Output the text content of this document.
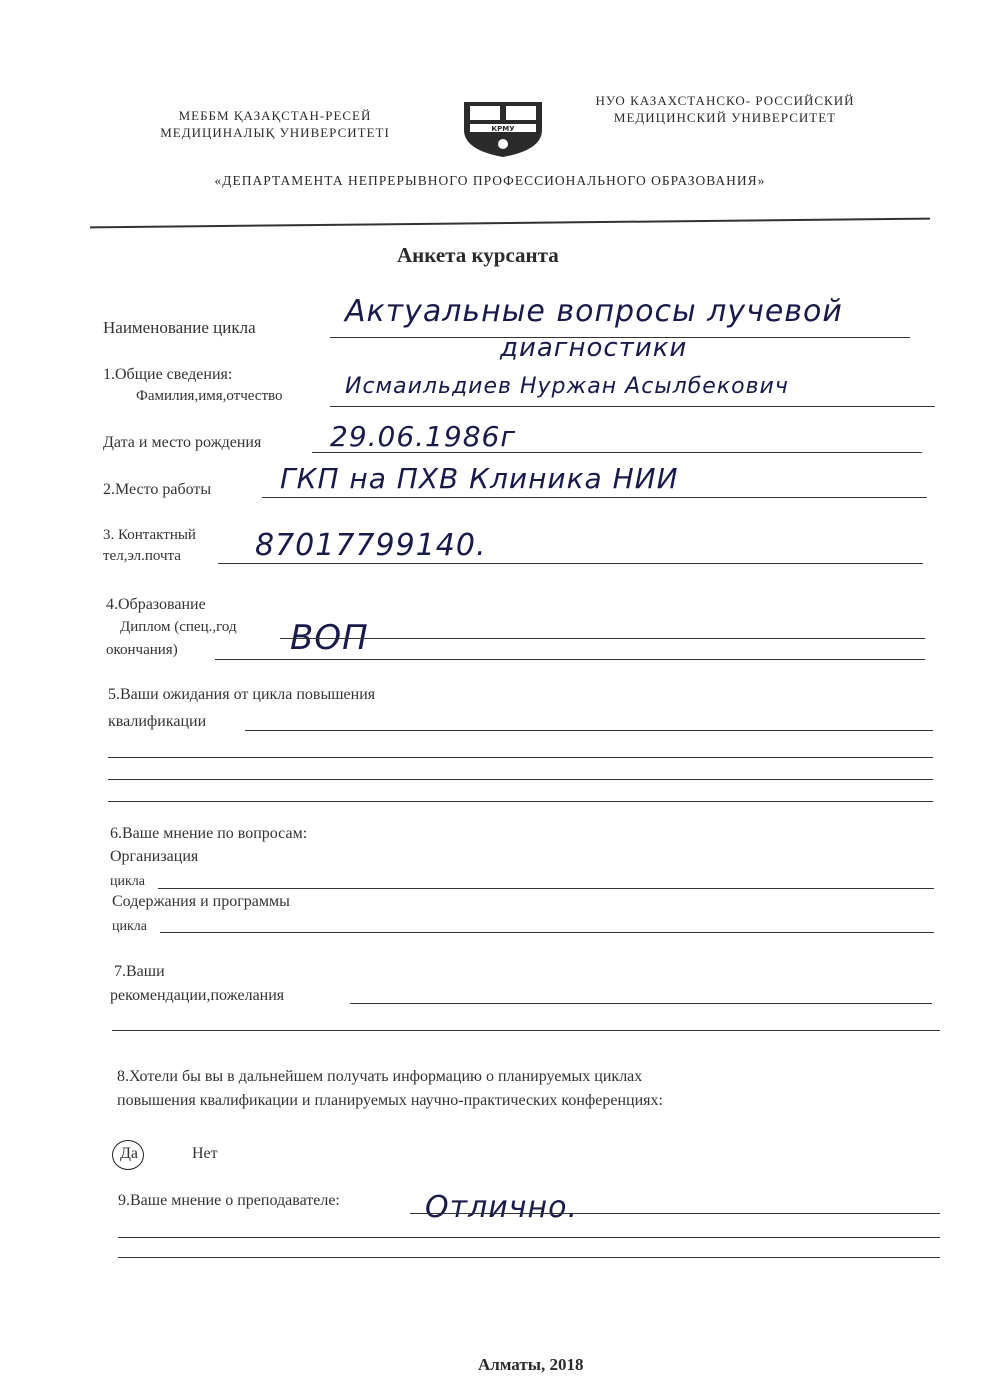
МЕББМ ҚАЗАҚСТАН-РЕСЕЙ
МЕДИЦИНАЛЫҚ УНИВЕРСИТЕТІ	КРМУ
НУО КАЗАХСТАНСКО- РОССИЙСКИЙ
МЕДИЦИНСКИЙ УНИВЕРСИТЕТ
«ДЕПАРТАМЕНТА НЕПРЕРЫВНОГО ПРОФЕССИОНАЛЬНОГО ОБРАЗОВАНИЯ»
Анкета курсанта
Наименование цикла	Актуальные вопросы лучевой
диагностики
1.Общие сведения:
Фамилия,имя,отчество	Исмаильдиев Нуржан Асылбекович
Дата и место рождения 29.06.1986г
2.Место работы ГКП на ПХВ Клиника НИИ
3. Контактный
тел,эл.почта 87017799140.
4.Образование
Диплом (спец.,год
окончания)	ВОП
5.Ваши ожидания от цикла повышения
квалификации
6.Ваше мнение по вопросам:
Организация
цикла
Содержания и программы
цикла
7.Ваши
рекомендации,пожелания
8.Хотели бы вы в дальнейшем получать информацию о планируемых циклах
повышения квалификации и планируемых научно-практических конференциях:
Да	Нет
9.Ваше мнение о преподавателе:	Отлично.
Алматы, 2018
